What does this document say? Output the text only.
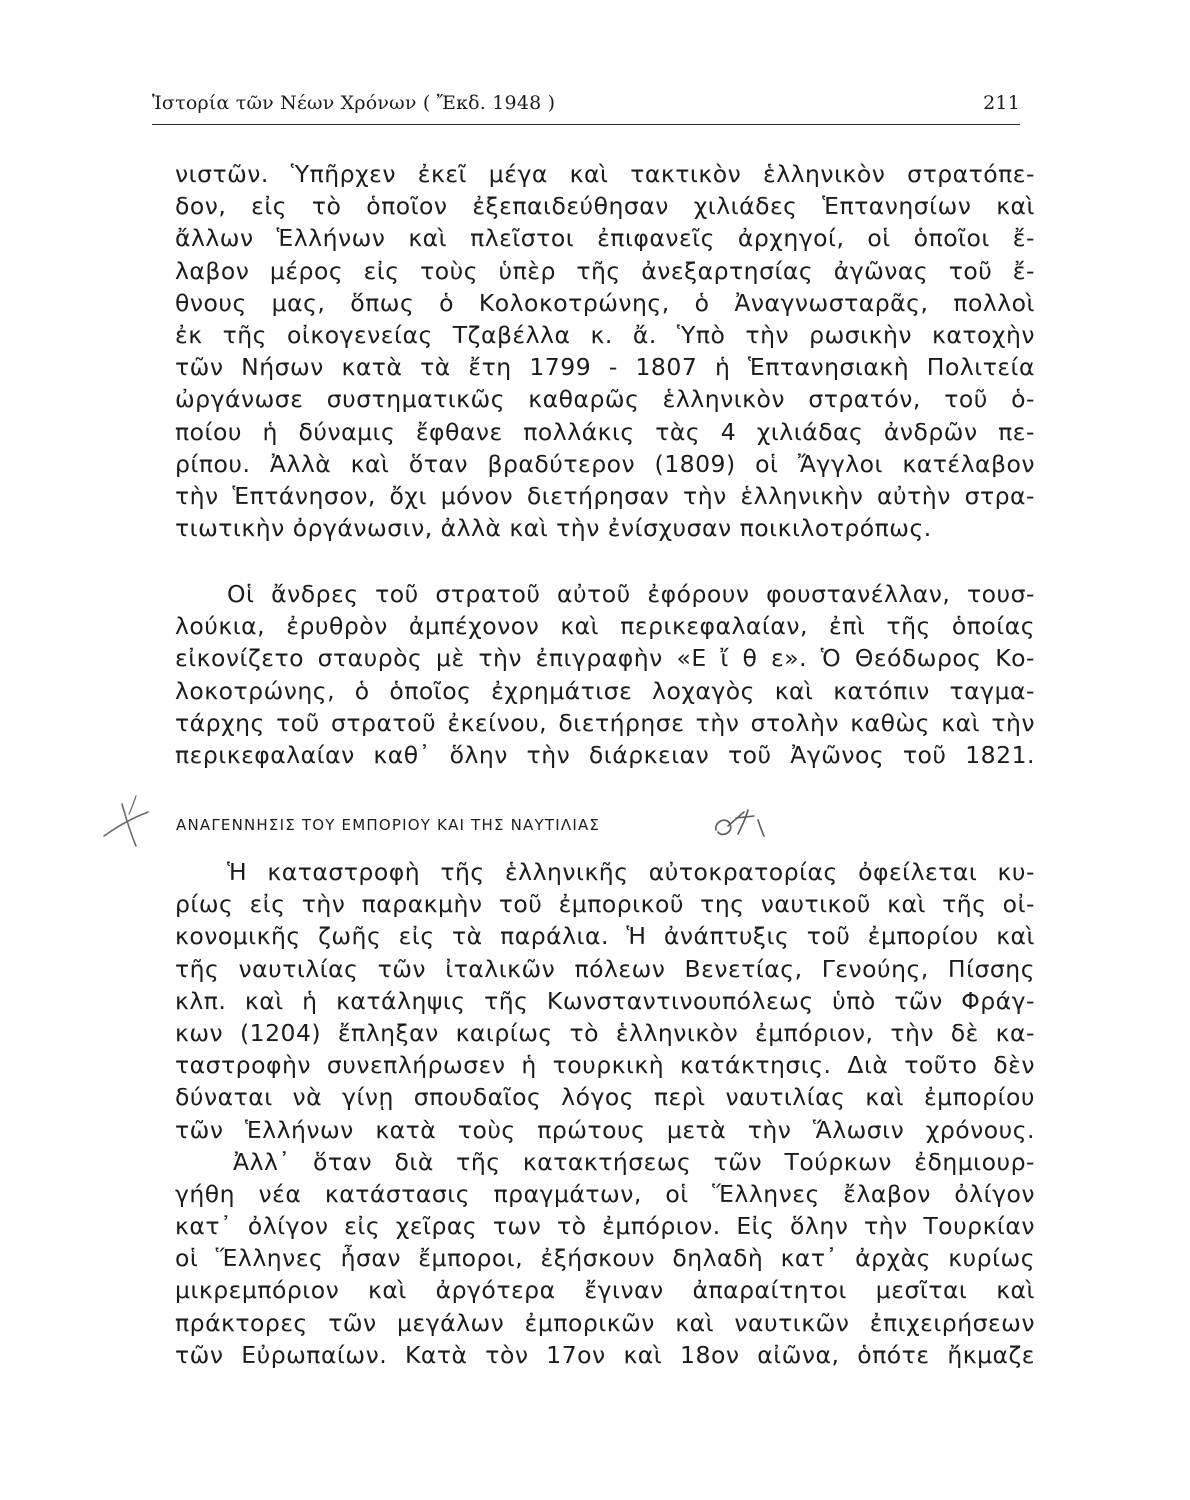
Ἱστορία τῶν Νέων Χρόνων ( Ἔκδ. 1948 )	211
νιστῶν. Ὑπῆρχεν ἐκεῖ μέγα καὶ τακτικὸν ἑλληνικὸν στρατόπε-
δον, εἰς τὸ ὁποῖον ἐξεπαιδεύθησαν χιλιάδες Ἑπτανησίων καὶ
ἄλλων Ἑλλήνων καὶ πλεῖστοι ἐπιφανεῖς ἀρχηγοί, οἱ ὁποῖοι ἔ-
λαβον μέρος εἰς τοὺς ὑπὲρ τῆς ἀνεξαρτησίας ἀγῶνας τοῦ ἔ-
θνους μας, ὅπως ὁ Κολοκοτρώνης, ὁ Ἀναγνωσταρᾶς, πολλοὶ
ἐκ τῆς οἰκογενείας Τζαβέλλα κ. ἄ. Ὑπὸ τὴν ρωσικὴν κατοχὴν
τῶν Νήσων κατὰ τὰ ἔτη 1799 - 1807 ἡ Ἑπτανησιακὴ Πολιτεία
ὠργάνωσε συστηματικῶς καθαρῶς ἑλληνικὸν στρατόν, τοῦ ὁ-
ποίου ἡ δύναμις ἔφθανε πολλάκις τὰς 4 χιλιάδας ἀνδρῶν πε-
ρίπου. Ἀλλὰ καὶ ὅταν βραδύτερον (1809) οἱ Ἄγγλοι κατέλαβον
τὴν Ἑπτάνησον, ὄχι μόνον διετήρησαν τὴν ἑλληνικὴν αὐτὴν στρα-
τιωτικὴν ὀργάνωσιν, ἀλλὰ καὶ τὴν ἐνίσχυσαν ποικιλοτρόπως.
Οἱ ἄνδρες τοῦ στρατοῦ αὐτοῦ ἐφόρουν φουστανέλλαν, τουσ-
λούκια, ἐρυθρὸν ἀμπέχονον καὶ περικεφαλαίαν, ἐπὶ τῆς ὁποίας
εἰκονίζετο σταυρὸς μὲ τὴν ἐπιγραφὴν «Ε ἴ θ ε». Ὁ Θεόδωρος Κο-
λοκοτρώνης, ὁ ὁποῖος ἐχρημάτισε λοχαγὸς καὶ κατόπιν ταγμα-
τάρχης τοῦ στρατοῦ ἐκείνου, διετήρησε τὴν στολὴν καθὼς καὶ τὴν
περικεφαλαίαν καθ᾿ ὅλην τὴν διάρκειαν τοῦ Ἀγῶνος τοῦ 1821.
ΑΝΑΓΕΝΝΗΣΙΣ ΤΟΥ ΕΜΠΟΡΙΟΥ ΚΑΙ ΤΗΣ ΝΑΥΤΙΛΙΑΣ
ὅτι
Ἡ καταστροφὴ τῆς ἑλληνικῆς αὐτοκρατορίας ὀφείλεται κυ-
ρίως εἰς τὴν παρακμὴν τοῦ ἐμπορικοῦ της ναυτικοῦ καὶ τῆς οἰ-
κονομικῆς ζωῆς εἰς τὰ παράλια. Ἡ ἀνάπτυξις τοῦ ἐμπορίου καὶ
τῆς ναυτιλίας τῶν ἰταλικῶν πόλεων Βενετίας, Γενούης, Πίσσης
κλπ. καὶ ἡ κατάληψις τῆς Κωνσταντινουπόλεως ὑπὸ τῶν Φράγ-
κων (1204) ἔπληξαν καιρίως τὸ ἑλληνικὸν ἐμπόριον, τὴν δὲ κα-
ταστροφὴν συνεπλήρωσεν ἡ τουρκικὴ κατάκτησις. Διὰ τοῦτο δὲν
δύναται νὰ γίνῃ σπουδαῖος λόγος περὶ ναυτιλίας καὶ ἐμπορίου
τῶν Ἑλλήνων κατὰ τοὺς πρώτους μετὰ τὴν Ἅλωσιν χρόνους.
Ἀλλ᾿ ὅταν διὰ τῆς κατακτήσεως τῶν Τούρκων ἐδημιουρ-
γήθη νέα κατάστασις πραγμάτων, οἱ Ἕλληνες ἔλαβον ὀλίγον
κατ᾿ ὀλίγον εἰς χεῖρας των τὸ ἐμπόριον. Εἰς ὅλην τὴν Τουρκίαν
οἱ Ἕλληνες ἦσαν ἔμποροι, ἐξήσκουν δηλαδὴ κατ᾿ ἀρχὰς κυρίως
μικρεμπόριον καὶ ἀργότερα ἔγιναν ἀπαραίτητοι μεσῖται καὶ
πράκτορες τῶν μεγάλων ἐμπορικῶν καὶ ναυτικῶν ἐπιχειρήσεων
τῶν Εὐρωπαίων. Κατὰ τὸν 17ον καὶ 18ον αἰῶνα, ὁπότε ἤκμαζε
